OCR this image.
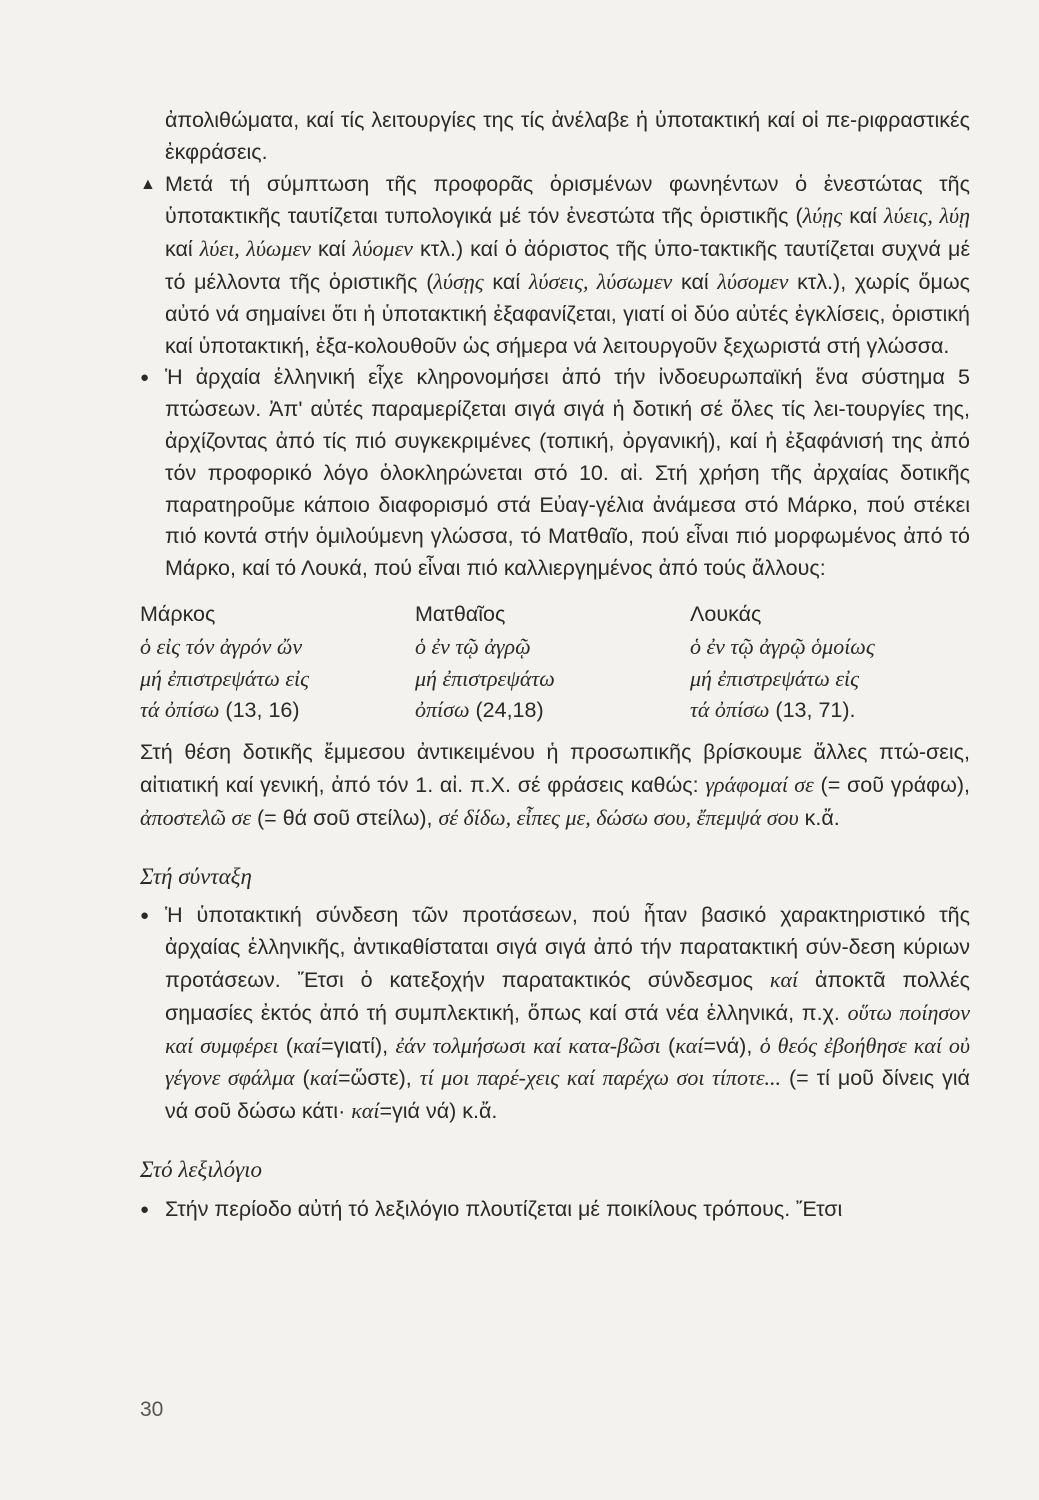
ἀπολιθώματα, καί τίς λειτουργίες της τίς ἀνέλαβε ἡ ὑποτακτική καί οἱ πε-ριφραστικές ἐκφράσεις.

▲ Μετά τή σύμπτωση τῆς προφορᾶς ὁρισμένων φωνηέντων ὁ ἐνεστώτας τῆς ὑποτακτικῆς ταυτίζεται τυπολογικά μέ τόν ἐνεστώτα τῆς ὁριστικῆς (λύῃς καί λύεις, λύῃ καί λύει, λύωμεν καί λύομεν κτλ.) καί ὁ ἀόριστος τῆς ὑπο-τακτικῆς ταυτίζεται συχνά μέ τό μέλλοντα τῆς ὁριστικῆς (λύσῃς καί λύσεις, λύσωμεν καί λύσομεν κτλ.), χωρίς ὅμως αὐτό νά σημαίνει ὅτι ἡ ὑποτακτική ἐξαφανίζεται, γιατί οἱ δύο αὐτές ἐγκλίσεις, ὁριστική καί ὑποτακτική, ἐξα-κολουθοῦν ὡς σήμερα νά λειτουργοῦν ξεχωριστά στή γλώσσα.

● Ἡ ἀρχαία ἑλληνική εἶχε κληρονομήσει ἀπό τήν ἰνδοευρωπαϊκή ἕνα σύστημα 5 πτώσεων. Ἀπ' αὐτές παραμερίζεται σιγά σιγά ἡ δοτική σέ ὅλες τίς λει-τουργίες της, ἀρχίζοντας ἀπό τίς πιό συγκεκριμένες (τοπική, ὀργανική), καί ἡ ἐξαφάνισή της ἀπό τόν προφορικό λόγο ὁλοκληρώνεται στό 10. αἰ. Στή χρήση τῆς ἀρχαίας δοτικῆς παρατηροῦμε κάποιο διαφορισμό στά Εὐαγ-γέλια ἀνάμεσα στό Μάρκο, πού στέκει πιό κοντά στήν ὁμιλούμενη γλώσσα, τό Ματθαῖο, πού εἶναι πιό μορφωμένος ἀπό τό Μάρκο, καί τό Λουκά, πού εἶναι πιό καλλιεργημένος ἀπό τούς ἄλλους:

Μάρκος

ὁ εἰς τόν ἀγρόν ὤν

μή ἐπιστρεψάτω εἰς

τά ὀπίσω (13, 16)

Ματθαῖος

ὁ ἐν τῷ ἀγρῷ

μή ἐπιστρεψάτω

ὀπίσω (24,18)

Λουκάς

ὁ ἐν τῷ ἀγρῷ ὁμοίως

μή ἐπιστρεψάτω εἰς

τά ὀπίσω (13, 71).

Στή θέση δοτικῆς ἔμμεσου ἀντικειμένου ἡ προσωπικῆς βρίσκουμε ἄλλες πτώ-σεις, αἰτιατική καί γενική, ἀπό τόν 1. αἰ. π.Χ. σέ φράσεις καθώς: γράφομαί σε (= σοῦ γράφω), ἀποστελῶ σε (= θά σοῦ στείλω), σέ δίδω, εἶπες με, δώσω σου, ἔπεμψά σου κ.ἄ.

Στή σύνταξη

● Ἡ ὑποτακτική σύνδεση τῶν προτάσεων, πού ἦταν βασικό χαρακτηριστικό τῆς ἀρχαίας ἑλληνικῆς, ἀντικαθίσταται σιγά σιγά ἀπό τήν παρατακτική σύν-δεση κύριων προτάσεων. Ἔτσι ὁ κατεξοχήν παρατακτικός σύνδεσμος καί ἀποκτᾶ πολλές σημασίες ἐκτός ἀπό τή συμπλεκτική, ὅπως καί στά νέα ἑλληνικά, π.χ. οὕτω ποίησον καί συμφέρει (καί=γιατί), ἐάν τολμήσωσι καί κατα-βῶσι (καί=νά), ὁ θεός ἐβοήθησε καί οὐ γέγονε σφάλμα (καί=ὥστε), τί μοι παρέ-χεις καί παρέχω σοι τίποτε... (= τί μοῦ δίνεις γιά νά σοῦ δώσω κάτι· καί=γιά νά) κ.ἄ.

Στό λεξιλόγιο

● Στήν περίοδο αὐτή τό λεξιλόγιο πλουτίζεται μέ ποικίλους τρόπους. Ἔτσι

30
